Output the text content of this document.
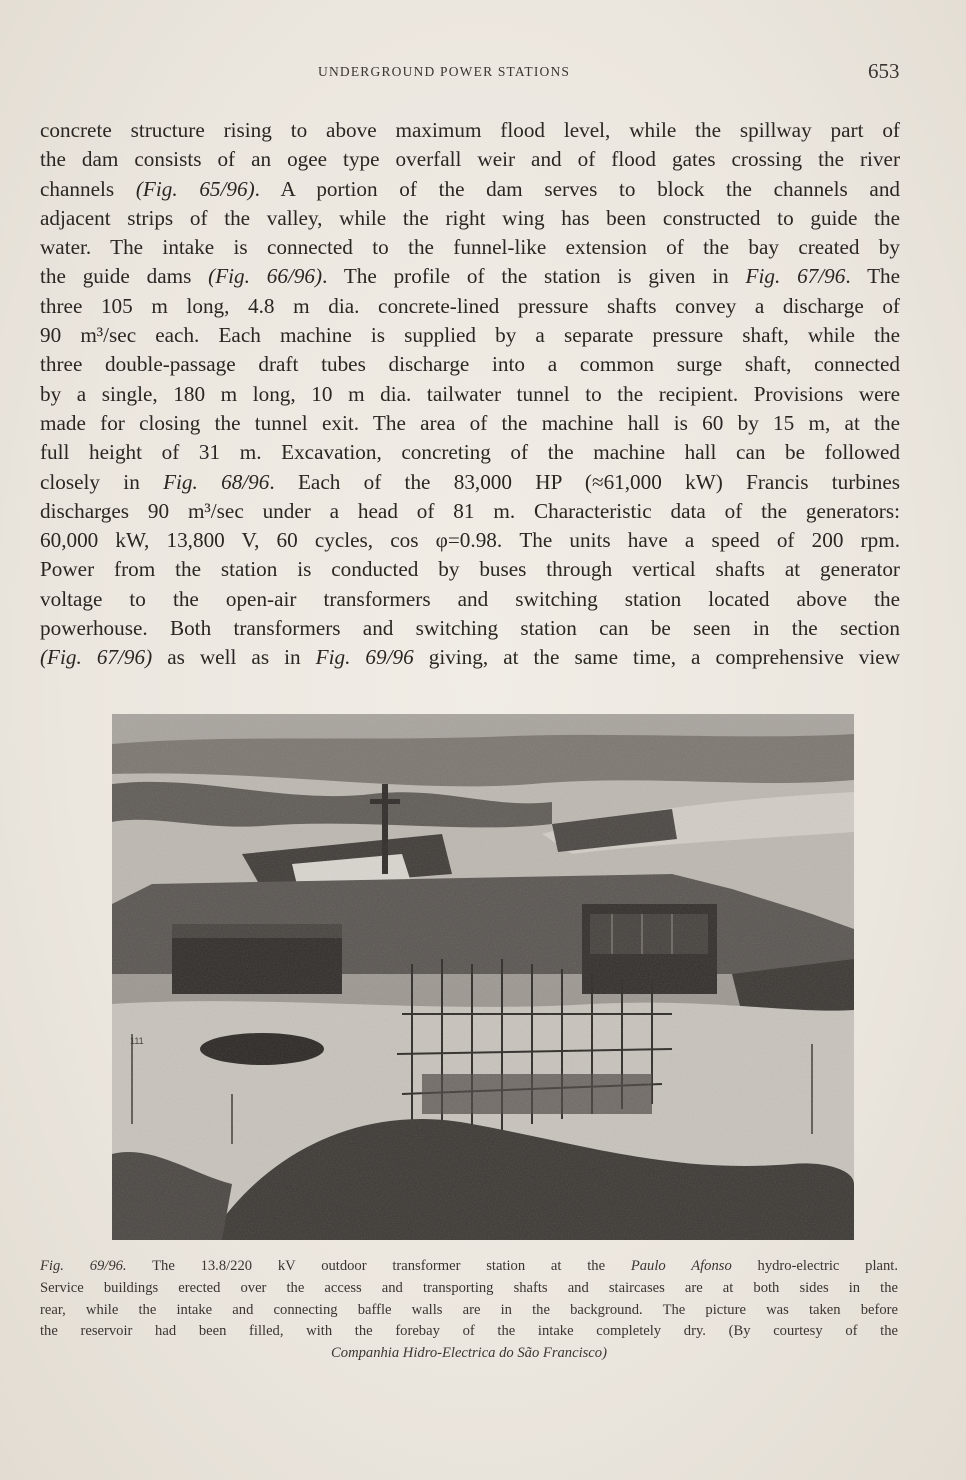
UNDERGROUND POWER STATIONS	653
concrete structure rising to above maximum flood level, while the spillway part of
the dam consists of an ogee type overfall weir and of flood gates crossing the river
channels (Fig. 65/96). A portion of the dam serves to block the channels and
adjacent strips of the valley, while the right wing has been constructed to guide the
water. The intake is connected to the funnel-like extension of the bay created by
the guide dams (Fig. 66/96). The profile of the station is given in Fig. 67/96. The
three 105 m long, 4.8 m dia. concrete-lined pressure shafts convey a discharge of
90 m³/sec each. Each machine is supplied by a separate pressure shaft, while the
three double-passage draft tubes discharge into a common surge shaft, connected
by a single, 180 m long, 10 m dia. tailwater tunnel to the recipient. Provisions were
made for closing the tunnel exit. The area of the machine hall is 60 by 15 m, at the
full height of 31 m. Excavation, concreting of the machine hall can be followed
closely in Fig. 68/96. Each of the 83,000 HP (≈61,000 kW) Francis turbines
discharges 90 m³/sec under a head of 81 m. Characteristic data of the generators:
60,000 kW, 13,800 V, 60 cycles, cos φ=0.98. The units have a speed of 200 rpm.
Power from the station is conducted by buses through vertical shafts at generator
voltage to the open-air transformers and switching station located above the
powerhouse. Both transformers and switching station can be seen in the section
(Fig. 67/96) as well as in Fig. 69/96 giving, at the same time, a comprehensive view
Fig. 69/96. The 13.8/220 kV outdoor transformer station at the Paulo Afonso hydro-electric plant.
Service buildings erected over the access and transporting shafts and staircases are at both sides in the
rear, while the intake and connecting baffle walls are in the background. The picture was taken before
the reservoir had been filled, with the forebay of the intake completely dry. (By courtesy of the
Companhia Hidro-Electrica do São Francisco)
